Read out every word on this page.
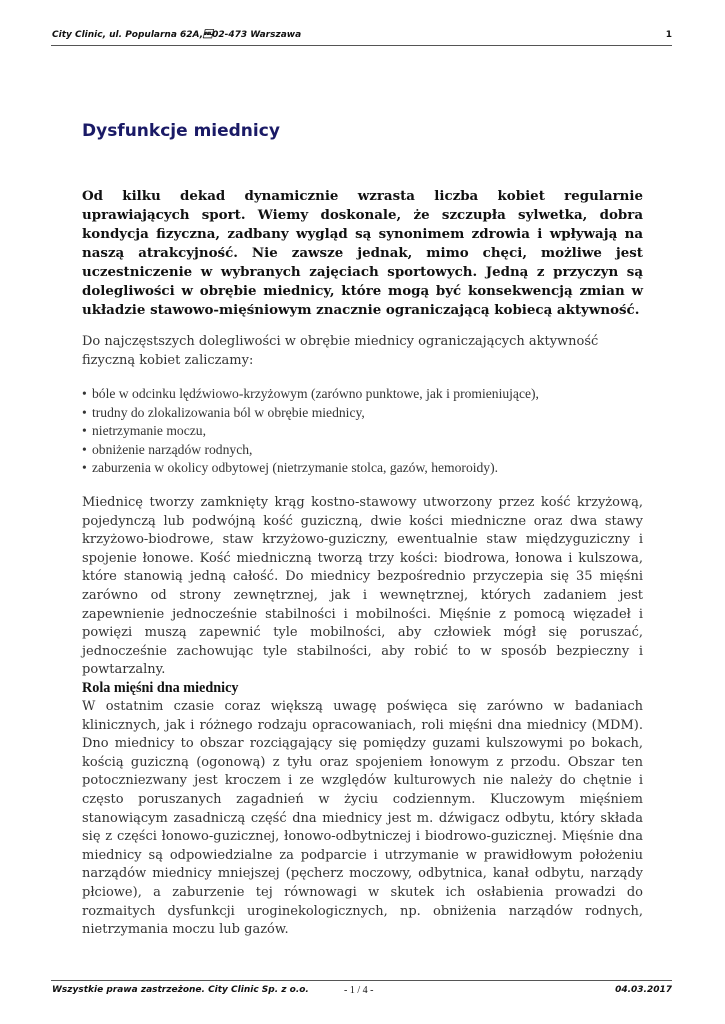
City Clinic, ul. Popularna 62A,02-473 Warszawa	1
Dysfunkcje miednicy

Od kilku dekad dynamicznie wzrasta liczba kobiet regularnie uprawiających sport. Wiemy doskonale, że szczupła sylwetka, dobra kondycja fizyczna, zadbany wygląd są synonimem zdrowia i wpływają na naszą atrakcyjność. Nie zawsze jednak, mimo chęci, możliwe jest uczestniczenie w wybranych zajęciach sportowych. Jedną z przyczyn są dolegliwości w obrębie miednicy, które mogą być konsekwencją zmian w układzie stawowo-mięśniowym znacznie ograniczającą kobiecą aktywność.

Do najczęstszych dolegliwości w obrębie miednicy ograniczających aktywność fizyczną kobiet zaliczamy:

• bóle w odcinku lędźwiowo-krzyżowym (zarówno punktowe, jak i promieniujące),
• trudny do zlokalizowania ból w obrębie miednicy,
• nietrzymanie moczu,
• obniżenie narządów rodnych,
• zaburzenia w okolicy odbytowej (nietrzymanie stolca, gazów, hemoroidy).

Miednicę tworzy zamknięty krąg kostno-stawowy utworzony przez kość krzyżową, pojedynczą lub podwójną kość guziczną, dwie kości miedniczne oraz dwa stawy krzyżowo-biodrowe, staw krzyżowo-guziczny, ewentualnie staw międzyguziczny i spojenie łonowe. Kość miedniczną tworzą trzy kości: biodrowa, łonowa i kulszowa, które stanowią jedną całość. Do miednicy bezpośrednio przyczepia się 35 mięśni zarówno od strony zewnętrznej, jak i wewnętrznej, których zadaniem jest zapewnienie jednocześnie stabilności i mobilności. Mięśnie z pomocą więzadeł i powięzi muszą zapewnić tyle mobilności, aby człowiek mógł się poruszać, jednocześnie zachowując tyle stabilności, aby robić to w sposób bezpieczny i powtarzalny.

Rola mięśni dna miednicy

W ostatnim czasie coraz większą uwagę poświęca się zarówno w badaniach klinicznych, jak i różnego rodzaju opracowaniach, roli mięśni dna miednicy (MDM). Dno miednicy to obszar rozciągający się pomiędzy guzami kulszowymi po bokach, kością guziczną (ogonową) z tyłu oraz spojeniem łonowym z przodu. Obszar ten potoczniezwany jest kroczem i ze względów kulturowych nie należy do chętnie i często poruszanych zagadnień w życiu codziennym. Kluczowym mięśniem stanowiącym zasadniczą część dna miednicy jest m. dźwigacz odbytu, który składa się z części łonowo-guzicznej, łonowo-odbytniczej i biodrowo-guzicznej. Mięśnie dna miednicy są odpowiedzialne za podparcie i utrzymanie w prawidłowym położeniu narządów miednicy mniejszej (pęcherz moczowy, odbytnica, kanał odbytu, narządy płciowe), a zaburzenie tej równowagi w skutek ich osłabienia prowadzi do rozmaitych dysfunkcji uroginekologicznych, np. obniżenia narządów rodnych, nietrzymania moczu lub gazów.

Wszystkie prawa zastrzeżone. City Clinic Sp. z o.o.	- 1 / 4 -	04.03.2017
